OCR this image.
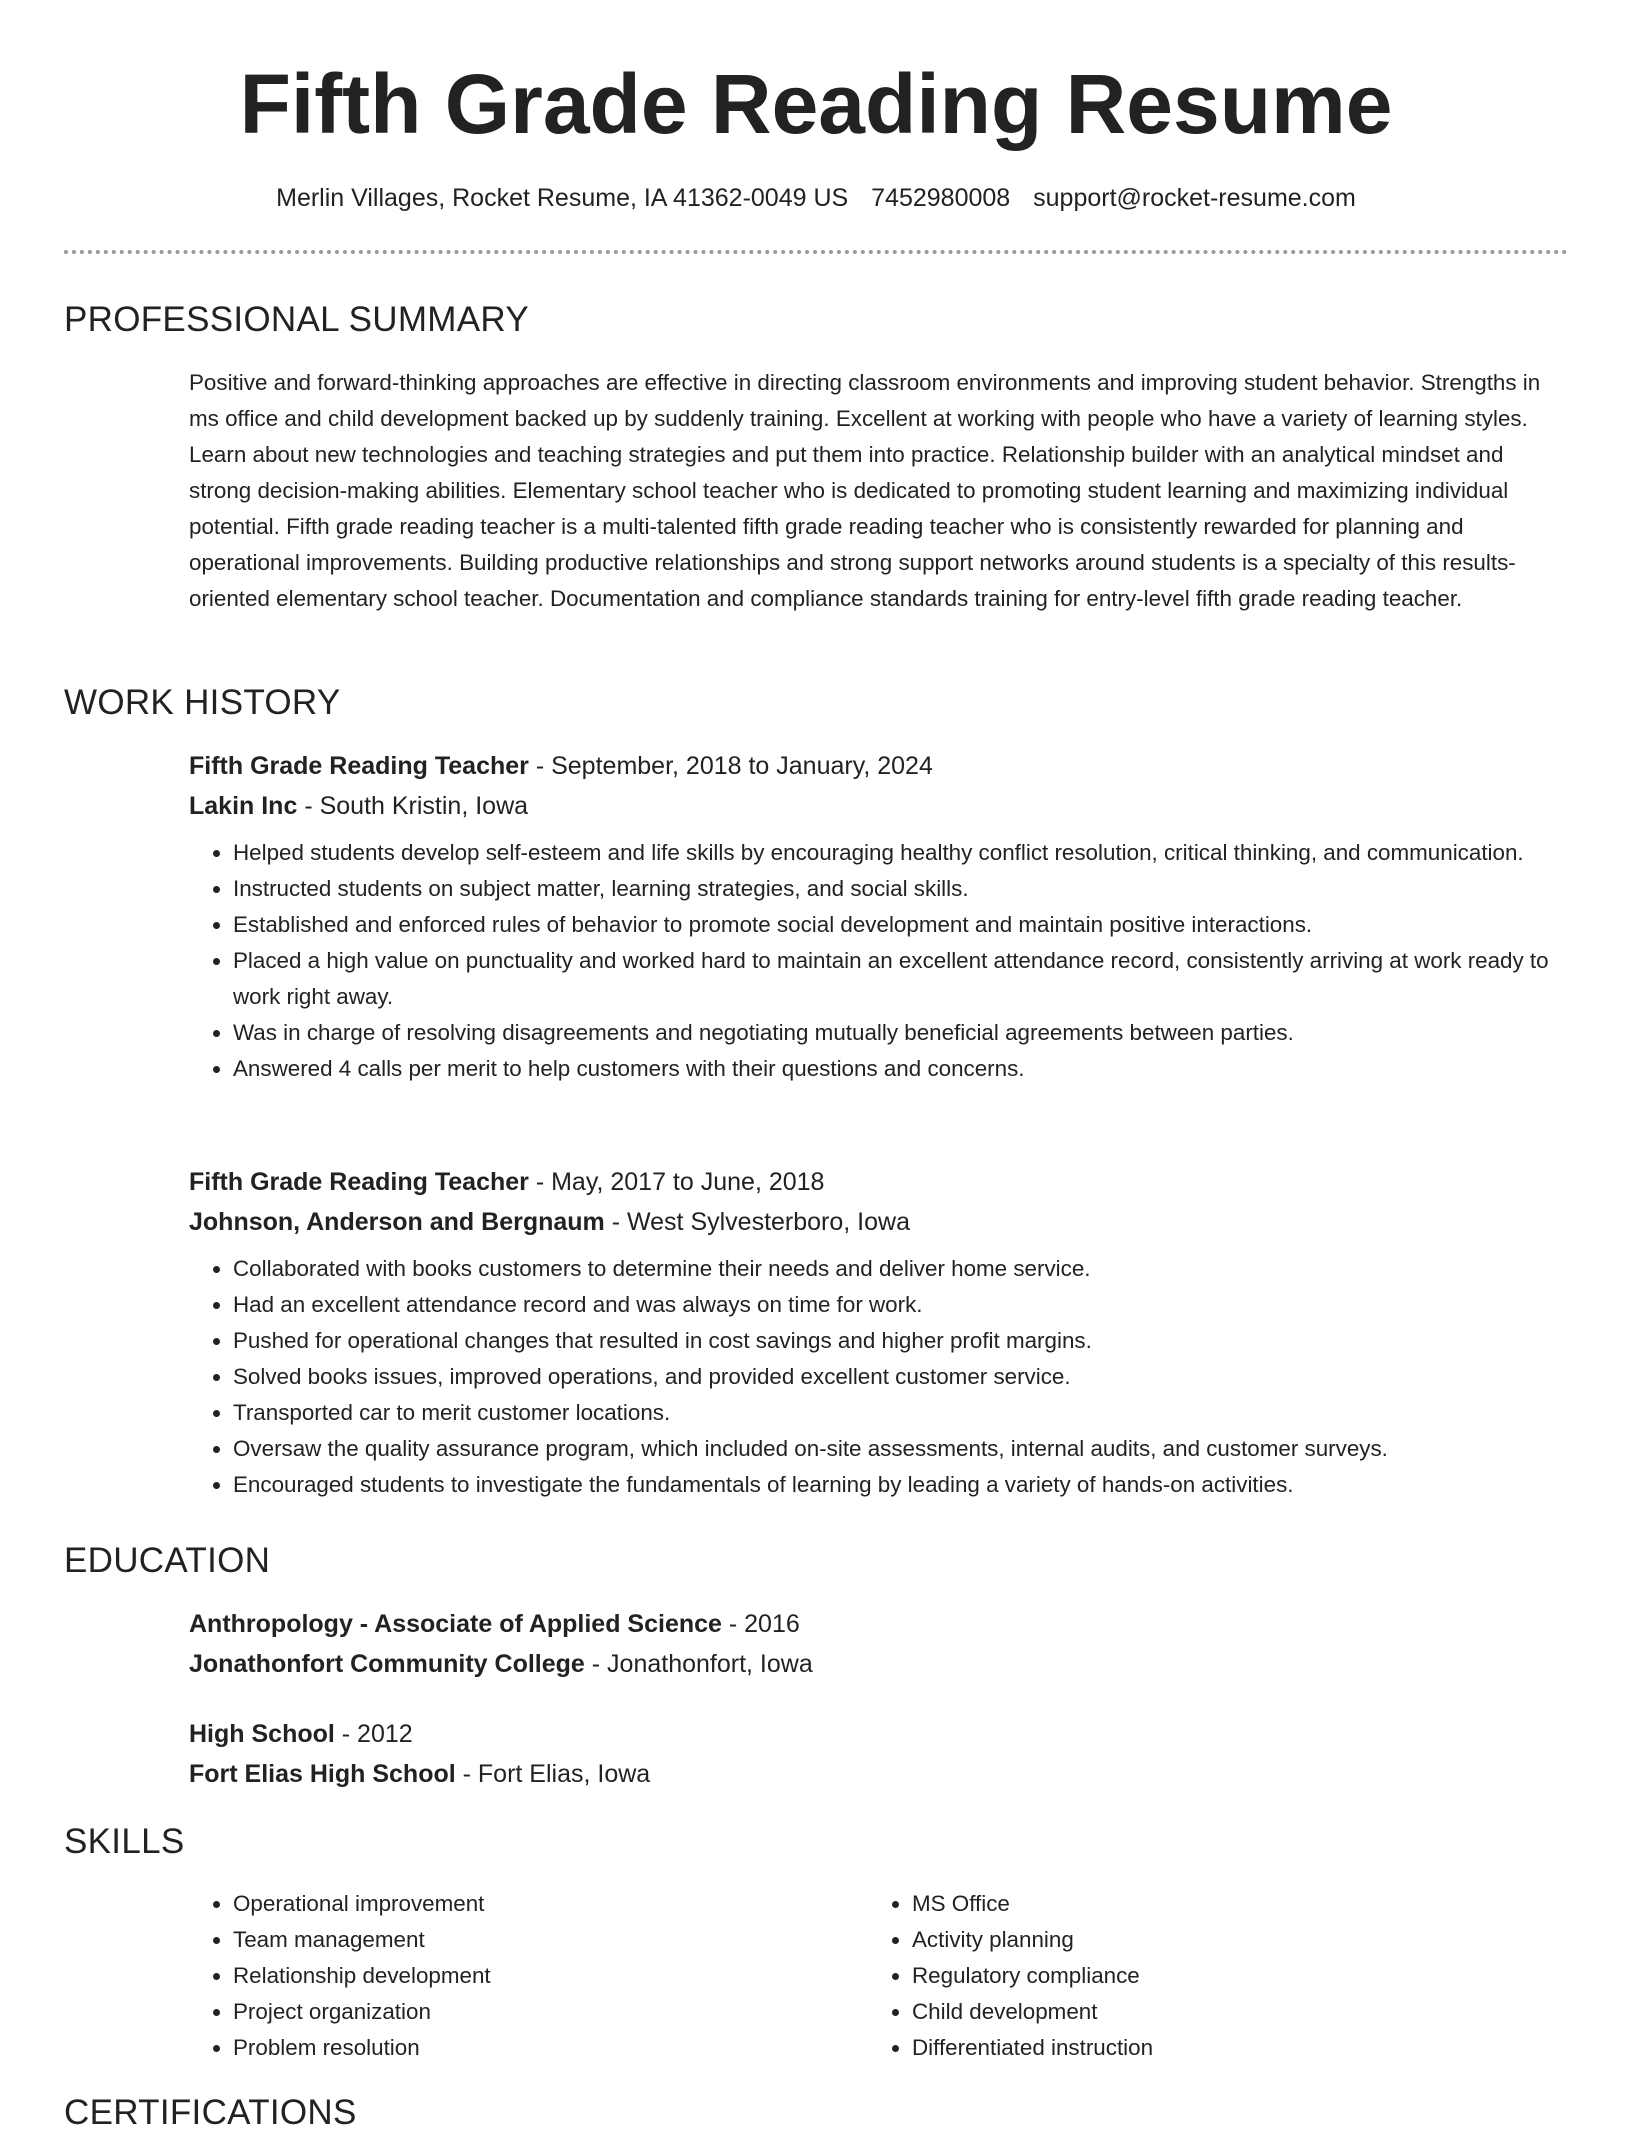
Fifth Grade Reading Resume
Merlin Villages, Rocket Resume, IA 41362-0049 US 7452980008 support@rocket-resume.com
PROFESSIONAL SUMMARY

Positive and forward-thinking approaches are effective in directing classroom environments and improving student behavior. Strengths in ms office and child development backed up by suddenly training. Excellent at working with people who have a variety of learning styles. Learn about new technologies and teaching strategies and put them into practice. Relationship builder with an analytical mindset and strong decision-making abilities. Elementary school teacher who is dedicated to promoting student learning and maximizing individual potential. Fifth grade reading teacher is a multi-talented fifth grade reading teacher who is consistently rewarded for planning and operational improvements. Building productive relationships and strong support networks around students is a specialty of this results-oriented elementary school teacher. Documentation and compliance standards training for entry-level fifth grade reading teacher.

WORK HISTORY
Fifth Grade Reading Teacher - September, 2018 to January, 2024
Lakin Inc - South Kristin, Iowa
• Helped students develop self-esteem and life skills by encouraging healthy conflict resolution, critical thinking, and communication.
• Instructed students on subject matter, learning strategies, and social skills.
• Established and enforced rules of behavior to promote social development and maintain positive interactions.
• Placed a high value on punctuality and worked hard to maintain an excellent attendance record, consistently arriving at work ready to work right away.
• Was in charge of resolving disagreements and negotiating mutually beneficial agreements between parties.
• Answered 4 calls per merit to help customers with their questions and concerns.
Fifth Grade Reading Teacher - May, 2017 to June, 2018
Johnson, Anderson and Bergnaum - West Sylvesterboro, Iowa
• Collaborated with books customers to determine their needs and deliver home service.
• Had an excellent attendance record and was always on time for work.
• Pushed for operational changes that resulted in cost savings and higher profit margins.
• Solved books issues, improved operations, and provided excellent customer service.
• Transported car to merit customer locations.
• Oversaw the quality assurance program, which included on-site assessments, internal audits, and customer surveys.
• Encouraged students to investigate the fundamentals of learning by leading a variety of hands-on activities.
EDUCATION
Anthropology - Associate of Applied Science - 2016
Jonathonfort Community College - Jonathonfort, Iowa
High School - 2012
Fort Elias High School - Fort Elias, Iowa
SKILLS
• Operational improvement
• Team management
• Relationship development
• Project organization
• Problem resolution
• MS Office
• Activity planning
• Regulatory compliance
• Child development
• Differentiated instruction
CERTIFICATIONS
